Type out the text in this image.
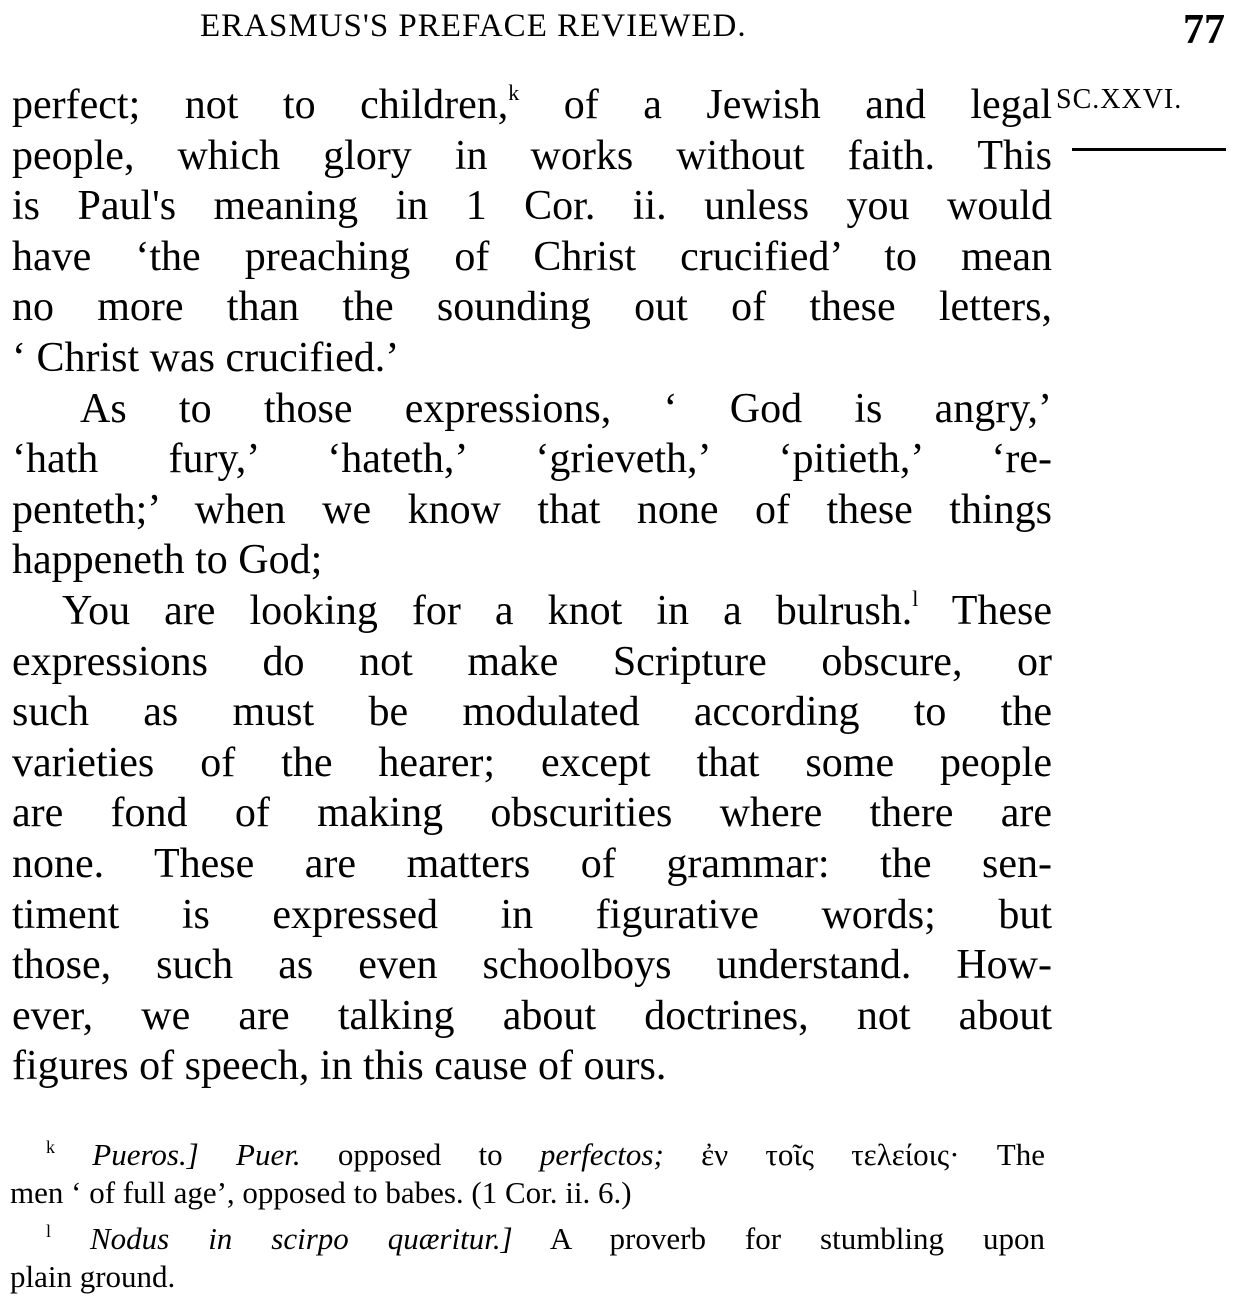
ERASMUS'S PREFACE REVIEWED.	77
SC.XXVI.
perfect; not to children,$^k$ of a Jewish and legal
people, which glory in works without faith. This
is Paul's meaning in 1 Cor. ii. unless you would
have ‘the preaching of Christ crucified’ to mean
no more than the sounding out of these letters,
‘ Christ was crucified.’
As to those expressions, ‘ God is angry,’
‘hath fury,’ ‘hateth,’ ‘grieveth,’ ‘pitieth,’ ‘re-
penteth;’ when we know that none of these things
happeneth to God;
You are looking for a knot in a bulrush.$^l$ These
expressions do not make Scripture obscure, or
such as must be modulated according to the
varieties of the hearer; except that some people
are fond of making obscurities where there are
none. These are matters of grammar: the sen-
timent is expressed in figurative words; but
those, such as even schoolboys understand. How-
ever, we are talking about doctrines, not about
figures of speech, in this cause of ours.
$^k$ Pueros.] Puer. opposed to perfectos; ἐν τοῖς τελείοις· The
men ‘ of full age’, opposed to babes. (1 Cor. ii. 6.)
$^l$ Nodus in scirpo quærit​ur.] A proverb for stumbling upon
plain ground.
